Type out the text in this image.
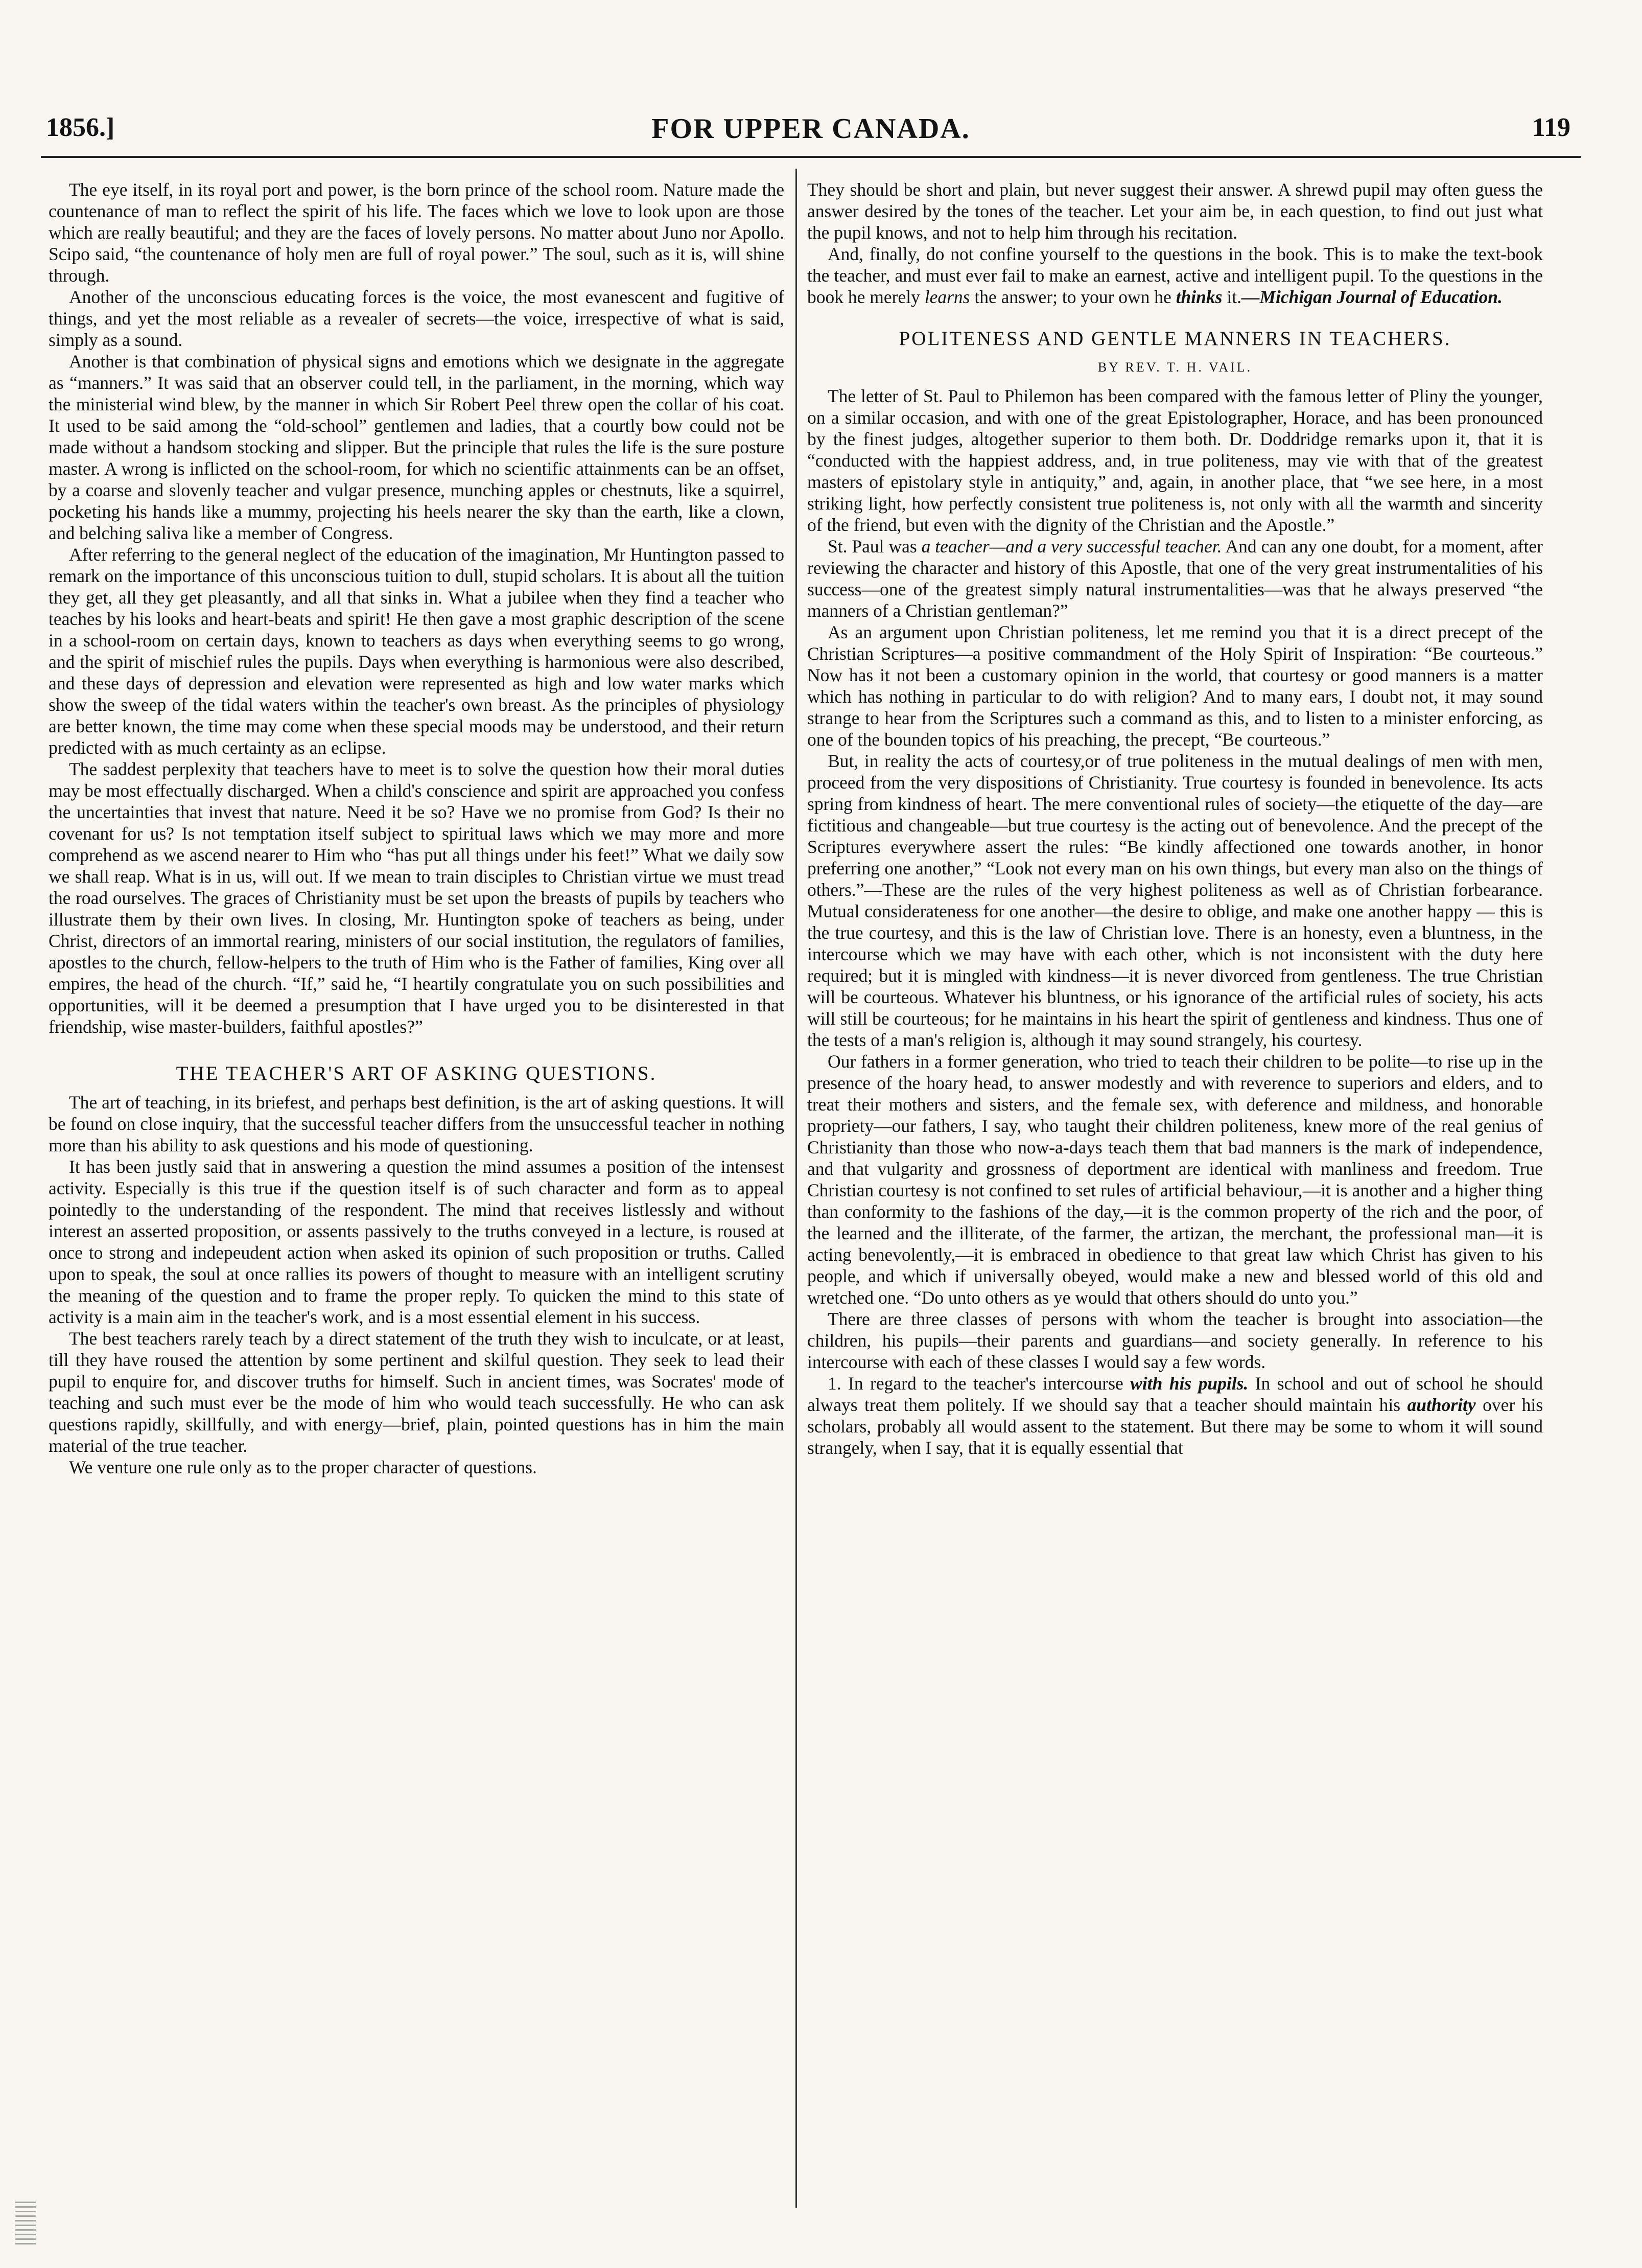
1856.]	FOR UPPER CANADA.	119

The eye itself, in its royal port and power, is the born prince of the school room. Nature made the countenance of man to reflect the spirit of his life. The faces which we love to look upon are those which are really beautiful; and they are the faces of lovely persons. No matter about Juno nor Apollo. Scipo said, “the countenance of holy men are full of royal power.” The soul, such as it is, will shine through.

Another of the unconscious educating forces is the voice, the most evanescent and fugitive of things, and yet the most reliable as a revealer of secrets—the voice, irrespective of what is said, simply as a sound.

Another is that combination of physical signs and emotions which we designate in the aggregate as “manners.” It was said that an observer could tell, in the parliament, in the morning, which way the ministerial wind blew, by the manner in which Sir Robert Peel threw open the collar of his coat. It used to be said among the “old-school” gentlemen and ladies, that a courtly bow could not be made without a handsom stocking and slipper. But the principle that rules the life is the sure posture master. A wrong is inflicted on the school-room, for which no scientific attainments can be an offset, by a coarse and slovenly teacher and vulgar presence, munching apples or chestnuts, like a squirrel, pocketing his hands like a mummy, projecting his heels nearer the sky than the earth, like a clown, and belching saliva like a member of Congress.

After referring to the general neglect of the education of the imagination, Mr Huntington passed to remark on the importance of this unconscious tuition to dull, stupid scholars. It is about all the tuition they get, all they get pleasantly, and all that sinks in. What a jubilee when they find a teacher who teaches by his looks and heart-beats and spirit! He then gave a most graphic description of the scene in a school-room on certain days, known to teachers as days when everything seems to go wrong, and the spirit of mischief rules the pupils. Days when everything is harmonious were also described, and these days of depression and elevation were represented as high and low water marks which show the sweep of the tidal waters within the teacher's own breast. As the principles of physiology are better known, the time may come when these special moods may be understood, and their return predicted with as much certainty as an eclipse.

The saddest perplexity that teachers have to meet is to solve the question how their moral duties may be most effectually discharged. When a child's conscience and spirit are approached you confess the uncertainties that invest that nature. Need it be so? Have we no promise from God? Is their no covenant for us? Is not temptation itself subject to spiritual laws which we may more and more comprehend as we ascend nearer to Him who “has put all things under his feet!” What we daily sow we shall reap. What is in us, will out. If we mean to train disciples to Christian virtue we must tread the road ourselves. The graces of Christianity must be set upon the breasts of pupils by teachers who illustrate them by their own lives. In closing, Mr. Huntington spoke of teachers as being, under Christ, directors of an immortal rearing, ministers of our social institution, the regulators of families, apostles to the church, fellow-helpers to the truth of Him who is the Father of families, King over all empires, the head of the church. “If,” said he, “I heartily congratulate you on such possibilities and opportunities, will it be deemed a presumption that I have urged you to be disinterested in that friendship, wise master-builders, faithful apostles?”

THE TEACHER'S ART OF ASKING QUESTIONS.

The art of teaching, in its briefest, and perhaps best definition, is the art of asking questions. It will be found on close inquiry, that the successful teacher differs from the unsuccessful teacher in nothing more than his ability to ask questions and his mode of questioning.

It has been justly said that in answering a question the mind assumes a position of the intensest activity. Especially is this true if the question itself is of such character and form as to appeal pointedly to the understanding of the respondent. The mind that receives listlessly and without interest an asserted proposition, or assents passively to the truths conveyed in a lecture, is roused at once to strong and indepeudent action when asked its opinion of such proposition or truths. Called upon to speak, the soul at once rallies its powers of thought to measure with an intelligent scrutiny the meaning of the question and to frame the proper reply. To quicken the mind to this state of activity is a main aim in the teacher's work, and is a most essential element in his success.

The best teachers rarely teach by a direct statement of the truth they wish to inculcate, or at least, till they have roused the attention by some pertinent and skilful question. They seek to lead their pupil to enquire for, and discover truths for himself. Such in ancient times, was Socrates' mode of teaching and such must ever be the mode of him who would teach successfully. He who can ask questions rapidly, skillfully, and with energy—brief, plain, pointed questions has in him the main material of the true teacher.

We venture one rule only as to the proper character of questions.

They should be short and plain, but never suggest their answer. A shrewd pupil may often guess the answer desired by the tones of the teacher. Let your aim be, in each question, to find out just what the pupil knows, and not to help him through his recitation.

And, finally, do not confine yourself to the questions in the book. This is to make the text-book the teacher, and must ever fail to make an earnest, active and intelligent pupil. To the questions in the book he merely learns the answer; to your own he thinks it.—Michigan Journal of Education.

POLITENESS AND GENTLE MANNERS IN TEACHERS.
BY REV. T. H. VAIL.

The letter of St. Paul to Philemon has been compared with the famous letter of Pliny the younger, on a similar occasion, and with one of the great Epistolographer, Horace, and has been pronounced by the finest judges, altogether superior to them both. Dr. Doddridge remarks upon it, that it is “conducted with the happiest address, and, in true politeness, may vie with that of the greatest masters of epistolary style in antiquity,” and, again, in another place, that “we see here, in a most striking light, how perfectly consistent true politeness is, not only with all the warmth and sincerity of the friend, but even with the dignity of the Christian and the Apostle.”

St. Paul was a teacher—and a very successful teacher. And can any one doubt, for a moment, after reviewing the character and history of this Apostle, that one of the very great instrumentalities of his success—one of the greatest simply natural instrumentalities—was that he always preserved “the manners of a Christian gentleman?”

As an argument upon Christian politeness, let me remind you that it is a direct precept of the Christian Scriptures—a positive commandment of the Holy Spirit of Inspiration: “Be courteous.” Now has it not been a customary opinion in the world, that courtesy or good manners is a matter which has nothing in particular to do with religion? And to many ears, I doubt not, it may sound strange to hear from the Scriptures such a command as this, and to listen to a minister enforcing, as one of the bounden topics of his preaching, the precept, “Be courteous.”

But, in reality the acts of courtesy,or of true politeness in the mutual dealings of men with men, proceed from the very dispositions of Christianity. True courtesy is founded in benevolence. Its acts spring from kindness of heart. The mere conventional rules of society—the etiquette of the day—are fictitious and changeable—but true courtesy is the acting out of benevolence. And the precept of the Scriptures everywhere assert the rules: “Be kindly affectioned one towards another, in honor preferring one another,” “Look not every man on his own things, but every man also on the things of others.”—These are the rules of the very highest politeness as well as of Christian forbearance. Mutual considerateness for one another—the desire to oblige, and make one another happy — this is the true courtesy, and this is the law of Christian love. There is an honesty, even a bluntness, in the intercourse which we may have with each other, which is not inconsistent with the duty here required; but it is mingled with kindness—it is never divorced from gentleness. The true Christian will be courteous. Whatever his bluntness, or his ignorance of the artificial rules of society, his acts will still be courteous; for he maintains in his heart the spirit of gentleness and kindness. Thus one of the tests of a man's religion is, although it may sound strangely, his courtesy.

Our fathers in a former generation, who tried to teach their children to be polite—to rise up in the presence of the hoary head, to answer modestly and with reverence to superiors and elders, and to treat their mothers and sisters, and the female sex, with deference and mildness, and honorable propriety—our fathers, I say, who taught their children politeness, knew more of the real genius of Christianity than those who now-a-days teach them that bad manners is the mark of independence, and that vulgarity and grossness of deportment are identical with manliness and freedom. True Christian courtesy is not confined to set rules of artificial behaviour,—it is another and a higher thing than conformity to the fashions of the day,—it is the common property of the rich and the poor, of the learned and the illiterate, of the farmer, the artizan, the merchant, the professional man—it is acting benevolently,—it is embraced in obedience to that great law which Christ has given to his people, and which if universally obeyed, would make a new and blessed world of this old and wretched one. “Do unto others as ye would that others should do unto you.”

There are three classes of persons with whom the teacher is brought into association—the children, his pupils—their parents and guardians—and society generally. In reference to his intercourse with each of these classes I would say a few words.

1. In regard to the teacher's intercourse with his pupils. In school and out of school he should always treat them politely. If we should say that a teacher should maintain his authority over his scholars, probably all would assent to the statement. But there may be some to whom it will sound strangely, when I say, that it is equally essential that
